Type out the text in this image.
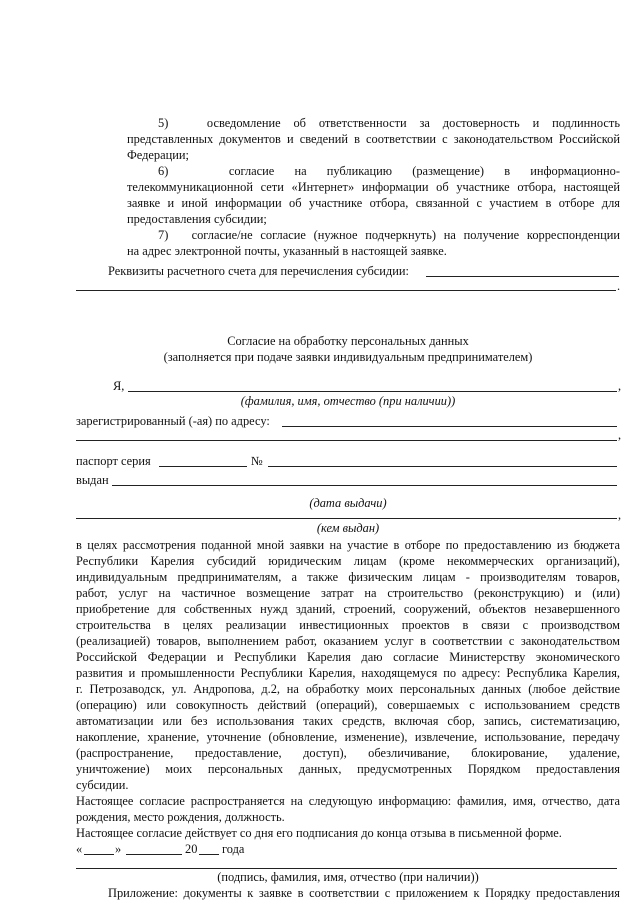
5)   осведомление об ответственности за достоверность и подлинность

представленных документов и сведений в соответствии с законодательством Российской

Федерации;

6)   согласие на публикацию (размещение) в информационно-

телекоммуникационной сети «Интернет» информации об участнике отбора, настоящей

заявке и иной информации об участнике отбора, связанной с участием в отборе для

предоставления субсидии;

7)   согласие/не согласие (нужное подчеркнуть) на получение корреспонденции

на адрес электронной почты, указанный в настоящей заявке.

Реквизиты расчетного счета для перечисления субсидии:

.

Согласие на обработку персональных данных

(заполняется при подаче заявки индивидуальным предпринимателем)

Я,	,

(фамилия, имя, отчество (при наличии))

зарегистрированный (-ая) по адресу:

,

паспорт серия	№

выдан

(дата выдачи)

,

(кем выдан)

в целях рассмотрения поданной мной заявки на участие в отборе по предоставлению из бюджета

Республики Карелия субсидий юридическим лицам (кроме некоммерческих организаций),

индивидуальным предпринимателям, а также физическим лицам - производителям товаров,

работ, услуг на частичное возмещение затрат на строительство (реконструкцию) и (или)

приобретение для собственных нужд зданий, строений, сооружений, объектов незавершенного

строительства в целях реализации инвестиционных проектов в связи с производством

(реализацией) товаров, выполнением работ, оказанием услуг в соответствии с законодательством

Российской Федерации и Республики Карелия даю согласие Министерству экономического

развития и промышленности Республики Карелия, находящемуся по адресу: Республика Карелия,

г. Петрозаводск, ул. Андропова, д.2, на обработку моих персональных данных (любое действие

(операцию) или совокупность действий (операций), совершаемых с использованием средств

автоматизации или без использования таких средств, включая сбор, запись, систематизацию,

накопление, хранение, уточнение (обновление, изменение), извлечение, использование, передачу

(распространение, предоставление, доступ), обезличивание, блокирование, удаление,

уничтожение) моих персональных данных, предусмотренных Порядком предоставления

субсидии.

Настоящее согласие распространяется на следующую информацию: фамилия, имя, отчество, дата

рождения, место рождения, должность.

Настоящее согласие действует со дня его подписания до конца отзыва в письменной форме.

«	»	20 года

(подпись, фамилия, имя, отчество (при наличии))

Приложение: документы к заявке в соответствии с приложением к Порядку предоставления
